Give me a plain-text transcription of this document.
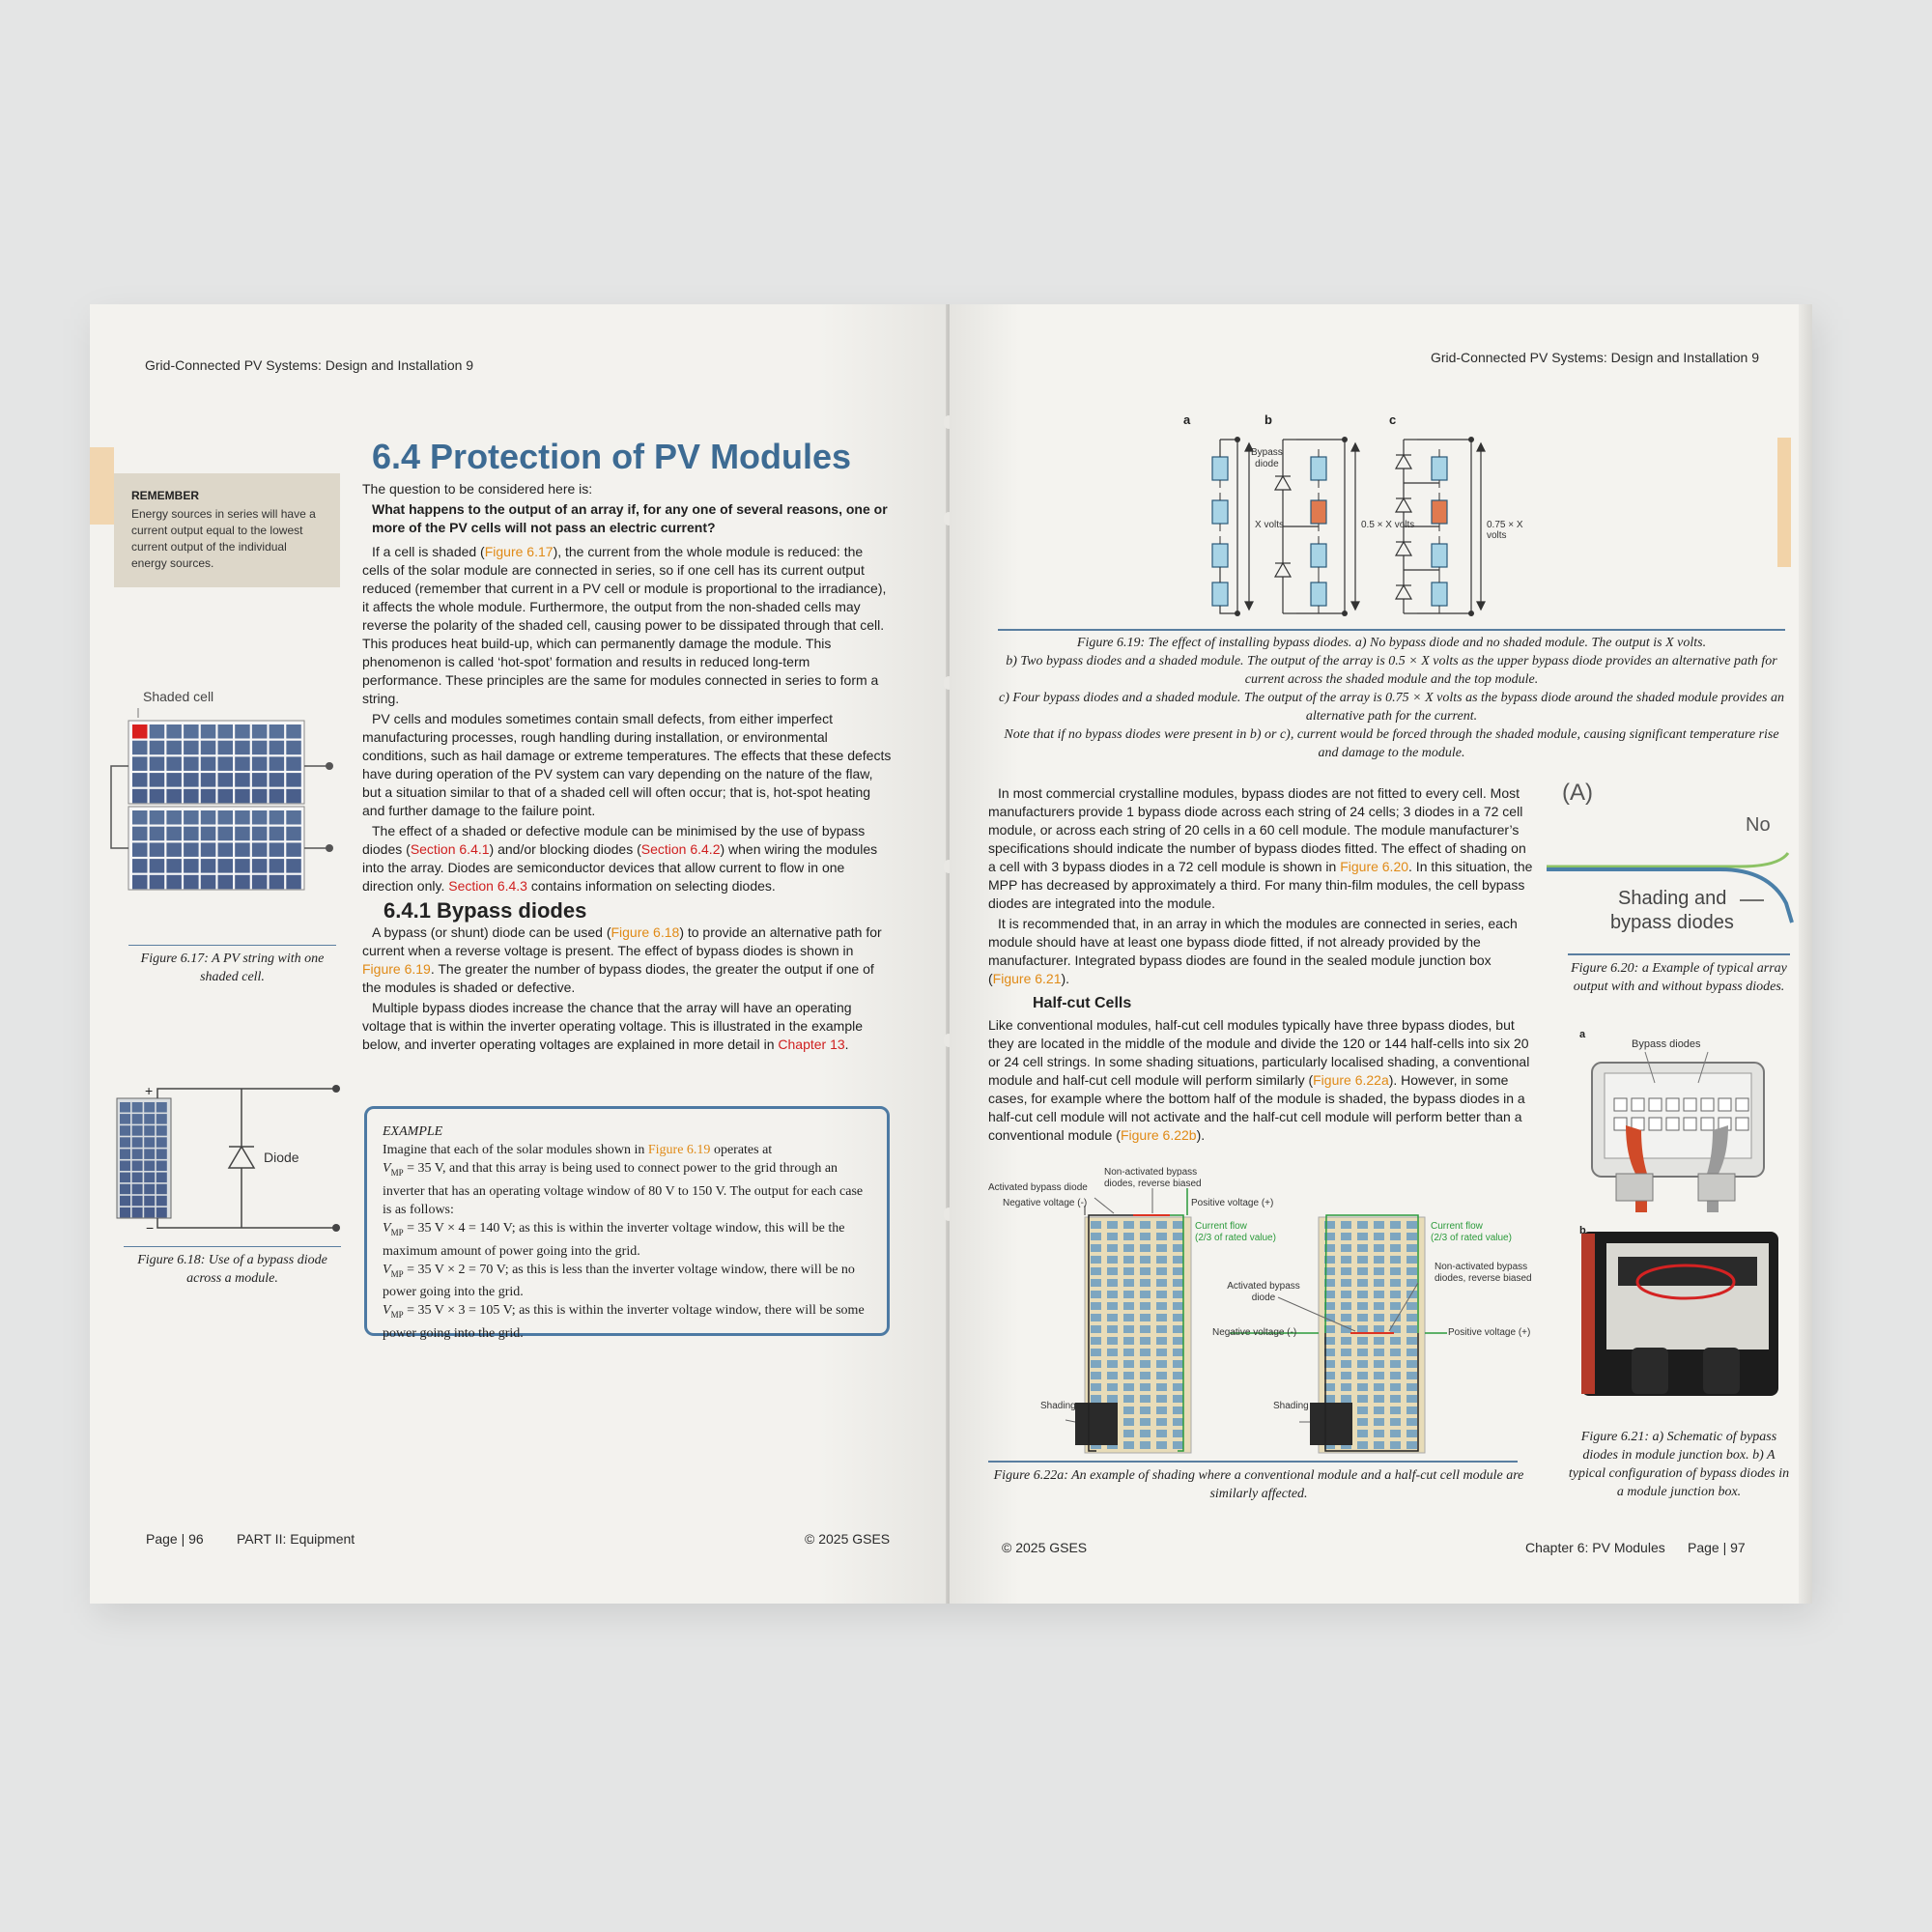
Grid-Connected PV Systems: Design and Installation 9
REMEMBER
Energy sources in series will have a current output equal to the lowest current output of the individual energy sources.
6.4 Protection of PV Modules
The question to be considered here is:
What happens to the output of an array if, for any one of several reasons, one or more of the PV cells will not pass an electric current?

If a cell is shaded (Figure 6.17), the current from the whole module is reduced: the cells of the solar module are connected in series, so if one cell has its current output reduced (remember that current in a PV cell or module is proportional to the irradiance), it affects the whole module. Furthermore, the output from the non-shaded cells may reverse the polarity of the shaded cell, causing power to be dissipated through that cell. This produces heat build-up, which can permanently damage the module. This phenomenon is called ‘hot-spot’ formation and results in reduced long-term performance. These principles are the same for modules connected in series to form a string.

PV cells and modules sometimes contain small defects, from either imperfect manufacturing processes, rough handling during installation, or environmental conditions, such as hail damage or extreme temperatures. The effects that these defects have during operation of the PV system can vary depending on the nature of the flaw, but a situation similar to that of a shaded cell will often occur; that is, hot-spot heating and further damage to the failure point.

The effect of a shaded or defective module can be minimised by the use of bypass diodes (Section 6.4.1) and/or blocking diodes (Section 6.4.2) when wiring the modules into the array. Diodes are semiconductor devices that allow current to flow in one direction only. Section 6.4.3 contains information on selecting diodes.

6.4.1 Bypass diodes

A bypass (or shunt) diode can be used (Figure 6.18) to provide an alternative path for current when a reverse voltage is present. The effect of bypass diodes is shown in Figure 6.19. The greater the number of bypass diodes, the greater the output if one of the modules is shaded or defective.

Multiple bypass diodes increase the chance that the array will have an operating voltage that is within the inverter operating voltage. This is illustrated in the example below, and inverter operating voltages are explained in more detail in Chapter 13.

Shaded cell
Figure 6.17: A PV string with one shaded cell.
+
−
Diode
Figure 6.18: Use of a bypass diode across a module.
EXAMPLE
Imagine that each of the solar modules shown in Figure 6.19 operates at
$V_{MP} = 35$ V, and that this array is being used to connect power to the grid through an inverter that has an operating voltage window of 80 V to 150 V. The output for each case is as follows:
$V_{MP} = 35$ V × 4 = 140 V; as this is within the inverter voltage window, this will be the maximum amount of power going into the grid.
$V_{MP} = 35$ V × 2 = 70 V; as this is less than the inverter voltage window, there will be no power going into the grid.
$V_{MP} = 35$ V × 3 = 105 V; as this is within the inverter voltage window, there will be some power going into the grid.
Page | 96 PART II: Equipment	© 2025 GSES
Grid-Connected PV Systems: Design and Installation 9
a	b	c
Bypass
diode
X volts	0.5 × X volts	0.75 × X volts
Figure 6.19: The effect of installing bypass diodes. a) No bypass diode and no shaded module. The output is X volts.
b) Two bypass diodes and a shaded module. The output of the array is 0.5 × X volts as the upper bypass diode provides an alternative path for current across the shaded module and the top module.
c) Four bypass diodes and a shaded module. The output of the array is 0.75 × X volts as the bypass diode around the shaded module provides an alternative path for the current.
Note that if no bypass diodes were present in b) or c), current would be forced through the shaded module, causing significant temperature rise and damage to the module.

In most commercial crystalline modules, bypass diodes are not fitted to every cell. Most manufacturers provide 1 bypass diode across each string of 24 cells; 3 diodes in a 72 cell module, or across each string of 20 cells in a 60 cell module. The module manufacturer’s specifications should indicate the number of bypass diodes fitted. The effect of shading on a cell with 3 bypass diodes in a 72 cell module is shown in Figure 6.20. In this situation, the MPP has decreased by approximately a third. For many thin-film modules, the cell bypass diodes are integrated into the module.

It is recommended that, in an array in which the modules are connected in series, each module should have at least one bypass diode fitted, if not already provided by the manufacturer. Integrated bypass diodes are found in the sealed module junction box (Figure 6.21).

Half-cut Cells
Like conventional modules, half-cut cell modules typically have three bypass diodes, but they are located in the middle of the module and divide the 120 or 144 half-cells into six 20 or 24 cell strings. In some shading situations, particularly localised shading, a conventional module and half-cut cell module will perform similarly (Figure 6.22a). However, in some cases, for example where the bottom half of the module is shaded, the bypass diodes in a half-cut cell module will not activate and the half-cut cell module will perform better than a conventional module (Figure 6.22b).
(A)
No
Shading and
bypass diodes
Figure 6.20: a Example of typical array output with and without bypass diodes.
a
Bypass diodes
b
Figure 6.21: a) Schematic of bypass diodes in module junction box. b) A typical configuration of bypass diodes in a module junction box.
Activated bypass diode
Non-activated bypass diodes, reverse biased
Negative voltage (-)	Positive voltage (+)
Current flow
(2/3 of rated value)
Shading
Current flow
(2/3 of rated value)
Non-activated bypass diodes, reverse biased
Activated bypass diode
Negative voltage (-)	Positive voltage (+)
Shading
Figure 6.22a: An example of shading where a conventional module and a half-cut cell module are similarly affected.
© 2025 GSES	Chapter 6: PV Modules Page | 97
